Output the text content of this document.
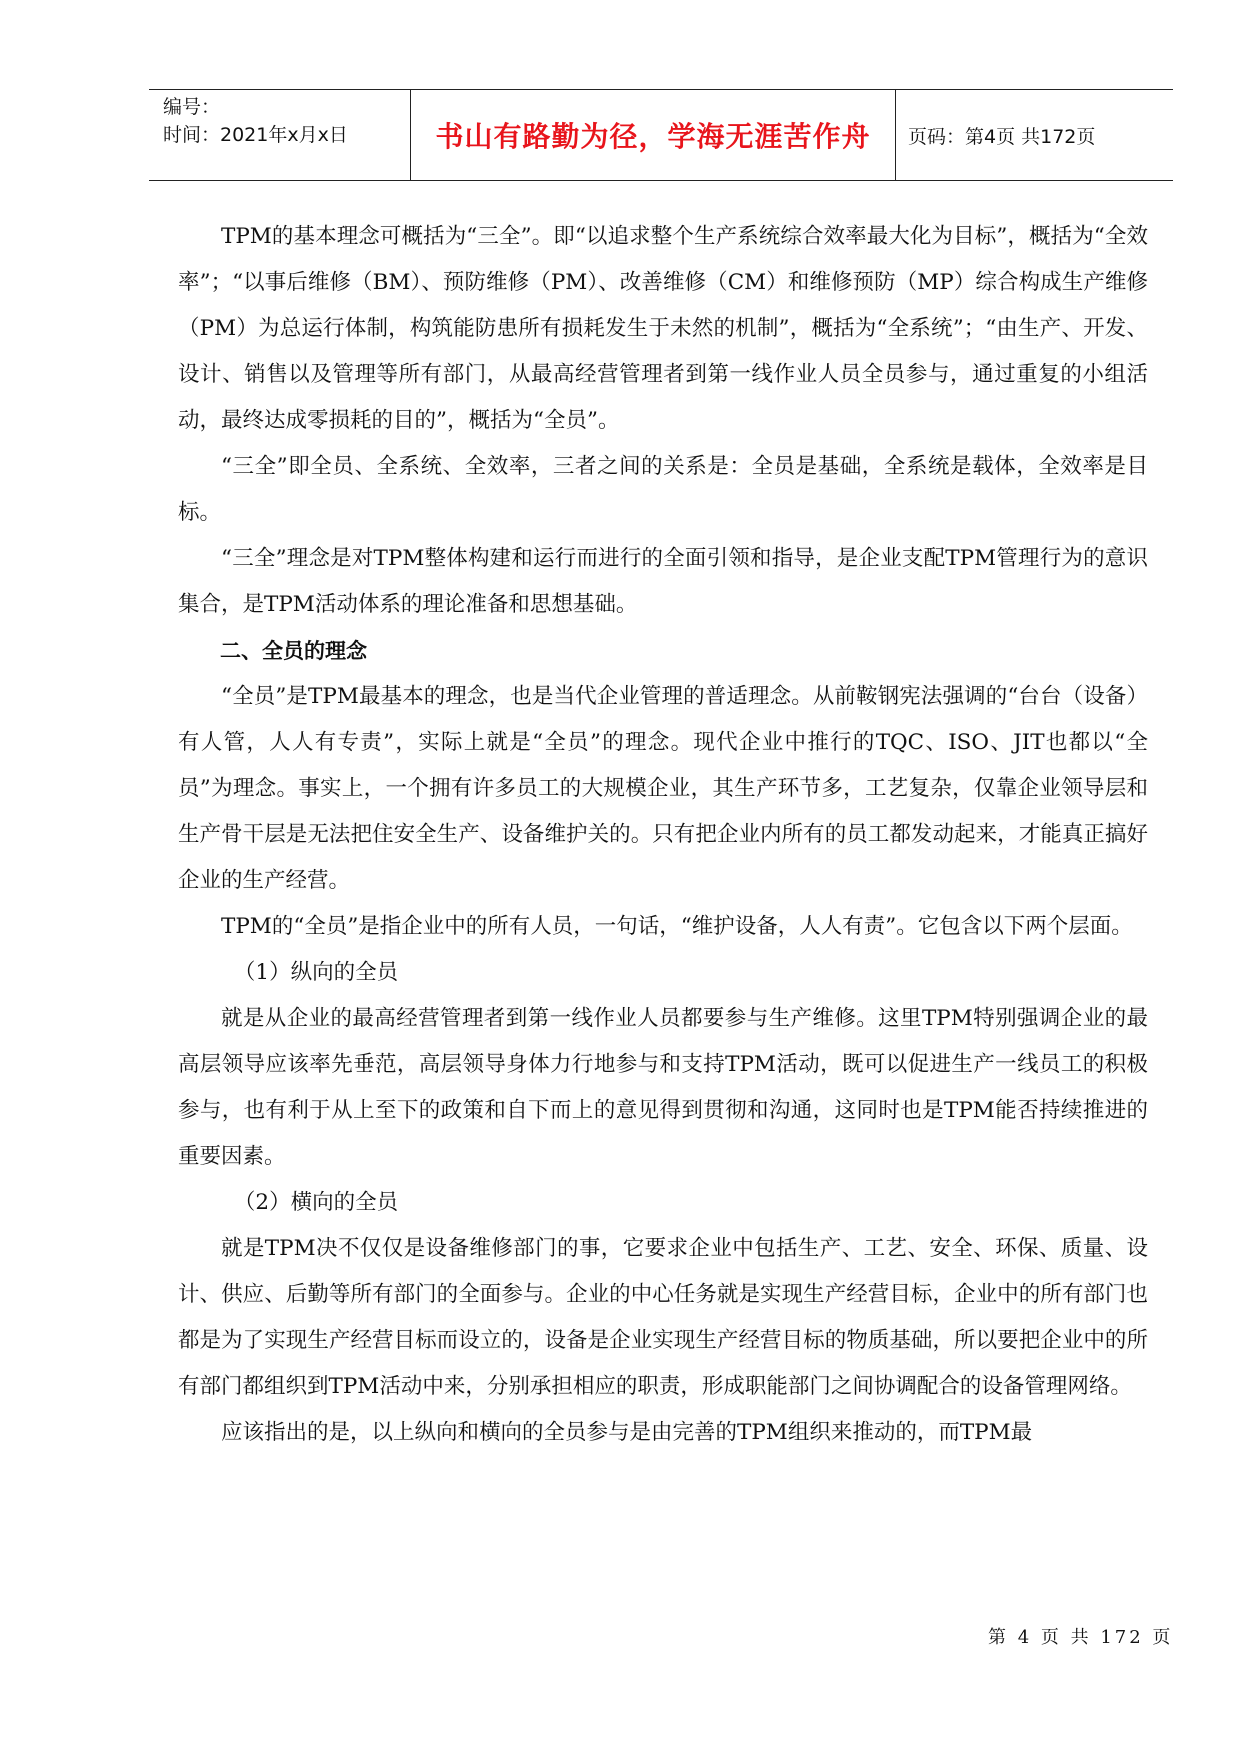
编号：
时间：2021年x月x日	书山有路勤为径，学海无涯苦作舟	页码：第4页 共172页

TPM的基本理念可概括为“三全”。即“以追求整个生产系统综合效率最大化为目标”，概括为“全效率”；“以事后维修（BM）、预防维修（PM）、改善维修（CM）和维修预防（MP）综合构成生产维修（PM）为总运行体制，构筑能防患所有损耗发生于未然的机制”，概括为“全系统”；“由生产、开发、设计、销售以及管理等所有部门，从最高经营管理者到第一线作业人员全员参与，通过重复的小组活动，最终达成零损耗的目的”，概括为“全员”。

“三全”即全员、全系统、全效率，三者之间的关系是：全员是基础，全系统是载体，全效率是目标。

“三全”理念是对TPM整体构建和运行而进行的全面引领和指导，是企业支配TPM管理行为的意识集合，是TPM活动体系的理论准备和思想基础。

二、全员的理念

“全员”是TPM最基本的理念，也是当代企业管理的普适理念。从前鞍钢宪法强调的“台台（设备）有人管，人人有专责”，实际上就是“全员”的理念。现代企业中推行的TQC、ISO、JIT也都以“全员”为理念。事实上，一个拥有许多员工的大规模企业，其生产环节多，工艺复杂，仅靠企业领导层和生产骨干层是无法把住安全生产、设备维护关的。只有把企业内所有的员工都发动起来，才能真正搞好企业的生产经营。

TPM的“全员”是指企业中的所有人员，一句话，“维护设备，人人有责”。它包含以下两个层面。

（1）纵向的全员

就是从企业的最高经营管理者到第一线作业人员都要参与生产维修。这里TPM特别强调企业的最高层领导应该率先垂范，高层领导身体力行地参与和支持TPM活动，既可以促进生产一线员工的积极参与，也有利于从上至下的政策和自下而上的意见得到贯彻和沟通，这同时也是TPM能否持续推进的重要因素。

（2）横向的全员

就是TPM决不仅仅是设备维修部门的事，它要求企业中包括生产、工艺、安全、环保、质量、设计、供应、后勤等所有部门的全面参与。企业的中心任务就是实现生产经营目标，企业中的所有部门也都是为了实现生产经营目标而设立的，设备是企业实现生产经营目标的物质基础，所以要把企业中的所有部门都组织到TPM活动中来，分别承担相应的职责，形成职能部门之间协调配合的设备管理网络。

应该指出的是，以上纵向和横向的全员参与是由完善的TPM组织来推动的，而TPM最

第 4 页 共 172 页
